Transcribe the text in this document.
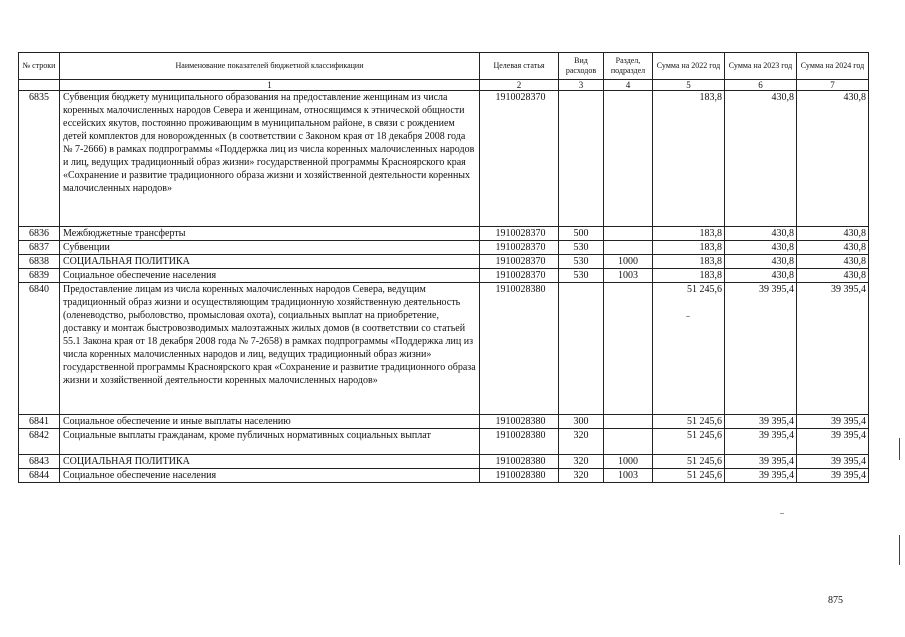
№ строки	Наименование показателей бюджетной классификации	Целевая статья	Вид расходов	Раздел, подраздел	Сумма на 2022 год	Сумма на 2023 год	Сумма на 2024 год
	1	2	3	4	5	6	7
6835	Субвенция бюджету муниципального образования на предоставление женщинам из числа коренных малочисленных народов Севера и женщинам, относящимся к этнической общности ессейских якутов, постоянно проживающим в муниципальном районе, в связи с рождением детей комплектов для новорожденных (в соответствии с Законом края от 18 декабря 2008 года № 7-2666) в рамках подпрограммы «Поддержка лиц из числа коренных малочисленных народов и лиц, ведущих традиционный образ жизни» государственной программы Красноярского края «Сохранение и развитие традиционного образа жизни и хозяйственной деятельности коренных малочисленных народов»	1910028370			183,8	430,8	430,8
6836	Межбюджетные трансферты	1910028370	500		183,8	430,8	430,8
6837	Субвенции	1910028370	530		183,8	430,8	430,8
6838	СОЦИАЛЬНАЯ ПОЛИТИКА	1910028370	530	1000	183,8	430,8	430,8
6839	Социальное обеспечение населения	1910028370	530	1003	183,8	430,8	430,8
6840	Предоставление лицам из числа коренных малочисленных народов Севера, ведущим традиционный образ жизни и осуществляющим традиционную хозяйственную деятельность (оленеводство, рыболовство, промысловая охота), социальных выплат на приобретение, доставку и монтаж быстровозводимых малоэтажных жилых домов (в соответствии со статьей 55.1 Закона края от 18 декабря 2008 года № 7-2658) в рамках подпрограммы «Поддержка лиц из числа коренных малочисленных народов и лиц, ведущих традиционный образ жизни» государственной программы Красноярского края «Сохранение и развитие традиционного образа жизни и хозяйственной деятельности коренных малочисленных народов»	1910028380			51 245,6	39 395,4	39 395,4
6841	Социальное обеспечение и иные выплаты населению	1910028380	300		51 245,6	39 395,4	39 395,4
6842	Социальные выплаты гражданам, кроме публичных нормативных социальных выплат	1910028380	320		51 245,6	39 395,4	39 395,4
6843	СОЦИАЛЬНАЯ ПОЛИТИКА	1910028380	320	1000	51 245,6	39 395,4	39 395,4
6844	Социальное обеспечение населения	1910028380	320	1003	51 245,6	39 395,4	39 395,4
875
